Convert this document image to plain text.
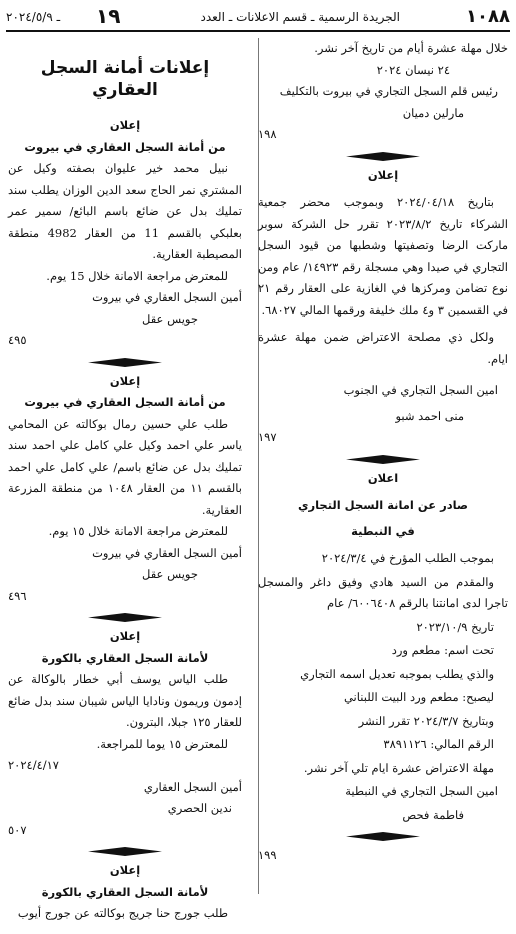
١٠٨٨
الجريدة الرسمية ـ قسم الاعلانات ـ العدد
١٩
ـ ٢٠٢٤/٥/٩

خلال مهلة عشرة أيام من تاريخ آخر نشر.

٢٤ نيسان ٢٠٢٤

رئيس قلم السجل التجاري في بيروت بالتكليف

مارلين دميان

١٩٨

إعلان

بتاريخ ٢٠٢٤/٠٤/١٨ وبموجب محضر جمعية الشركاء تاريخ ٢٠٢٣/٨/٢ تقرر حل الشركة سوبر ماركت الرضا وتصفيتها وشطبها من قيود السجل التجاري في صيدا وهي مسجلة رقم ١٤٩٢٣/ عام ومن نوع تضامن ومركزها في الغازية على العقار رقم ٢١ في القسمين ٣ و٤ ملك خليفة ورقمها المالي ٦٨٠٢٧.

ولكل ذي مصلحة الاعتراض ضمن مهلة عشرة ايام.

امين السجل التجاري في الجنوب

منى احمد شبو

١٩٧

اعلان

صادر عن امانة السجل التجاري

في النبطية

بموجب الطلب المؤرخ في ٢٠٢٤/٣/٤

والمقدم من السيد هادي وفيق داغر والمسجل تاجرا لدى امانتنا بالرقم ٦٠٠٦٤٠٨/ عام

تاريخ ٢٠٢٣/١٠/٩

تحت اسم: مطعم ورد

والذي يطلب بموجبه تعديل اسمه التجاري

ليصبح: مطعم ورد البيت اللبناني

وبتاريخ ٢٠٢٤/٣/٧ تقرر النشر

الرقم المالي: ٣٨٩١١٢٦

مهلة الاعتراض عشرة ايام تلي آخر نشر.

امين السجل التجاري في النبطية

فاطمة فحص

١٩٩

إعلانات أمانة السجل العقاري

إعلان

من أمانة السجل العقاري في بيروت

نبيل محمد خير عليوان بصفته وكيل عن المشتري نمر الحاج سعد الدين الوزان يطلب سند تمليك بدل عن ضائع باسم البائع/ سمير عمر بعلبكي بالقسم 11 من العقار 4982 منطقة المصيطبة العقارية.

للمعترض مراجعة الامانة خلال 15 يوم.

أمين السجل العقاري في بيروت

جويس عقل

٤٩٥

إعلان

من أمانة السجل العقاري في بيروت

طلب علي حسين رمال بوكالته عن المحامي ياسر علي احمد وكيل علي كامل علي احمد سند تمليك بدل عن ضائع باسم/ علي كامل علي احمد بالقسم ١١ من العقار ١٠٤٨ من منطقة المزرعة العقارية.

للمعترض مراجعة الامانة خلال ١٥ يوم.

أمين السجل العقاري في بيروت

جويس عقل

٤٩٦

إعلان

لأمانة السجل العقاري بالكورة

طلب الياس يوسف أبي خطار بالوكالة عن إدمون وريمون ونادايا الياس شيبان سند بدل ضائع للعقار ١٢٥ جبلا، البترون.

للمعترض ١٥ يوما للمراجعة.

٢٠٢٤/٤/١٧

أمين السجل العقاري

ندين الحصري

٥٠٧

إعلان

لأمانة السجل العقاري بالكورة

طلب جورج حنا جريج بوكالته عن جورج أيوب
